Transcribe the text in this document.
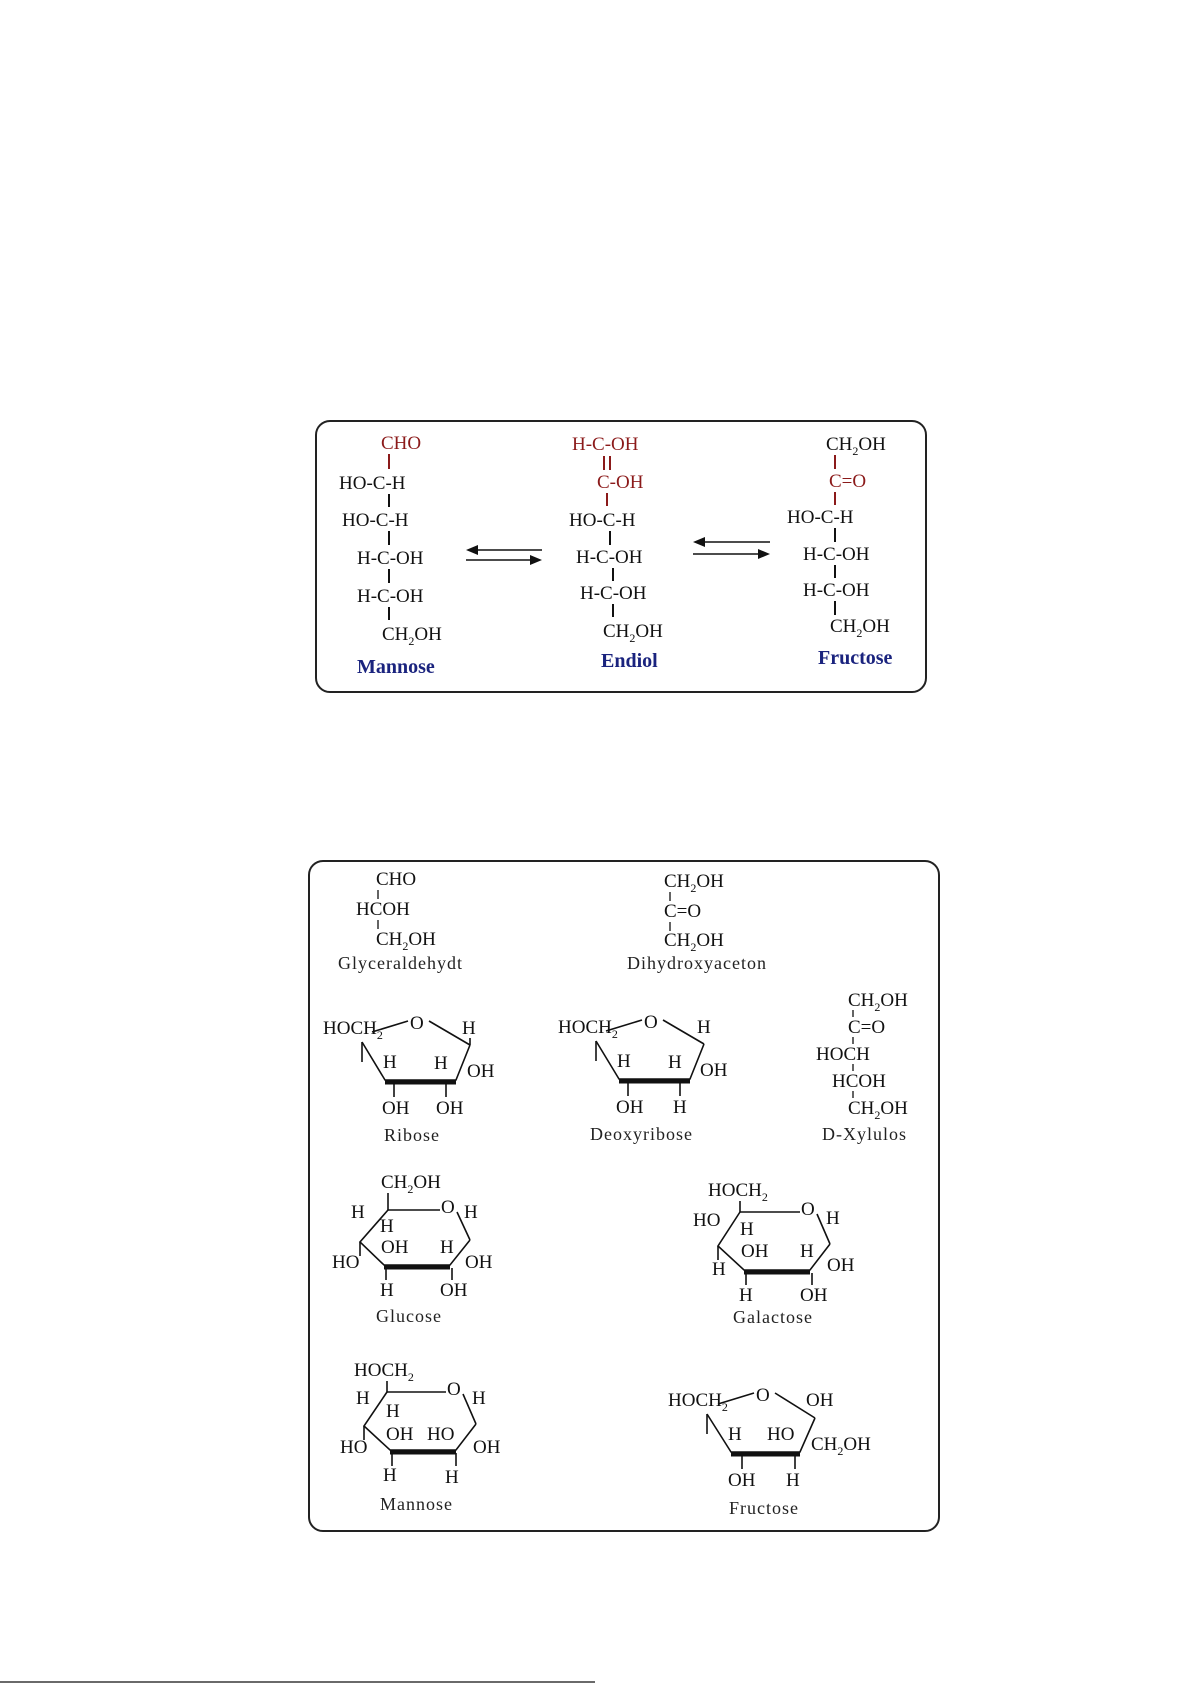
CHO
HO-C-H
HO-C-H
H-C-OH
H-C-OH
$CH_2OH$
Mannose
H-C-OH
C-OH
HO-C-H
H-C-OH
H-C-OH
$CH_2OH$
Endiol
$CH_2OH$
C=O
HO-C-H
H-C-OH
H-C-OH
$CH_2OH$
Fructose
CHO
HCOH
$CH_2OH$
Glyceraldehydt
$CH_2OH$
C=O
$CH_2OH$
Dihydroxyaceton
$HOCH_2$
O H
H H OH
OH OH
Ribose
$HOCH_2$
O H
H H OH
OH H
Deoxyribose
$CH_2OH$
C=O
HOCH
HCOH
$CH_2OH$
D-Xylulos
$CH_2OH$
O H
H
H
HO
OH H
OH
H OH
Glucose
$HOCH_2$
O H
HO H
H
OH H
OH
H OH
Galactose
$HOCH_2$
O H
H
H
HO
OH HO
OH
H	H
Mannose
$HOCH_2$
O OH
H HO $CH_2OH$
OH H
Fructose
